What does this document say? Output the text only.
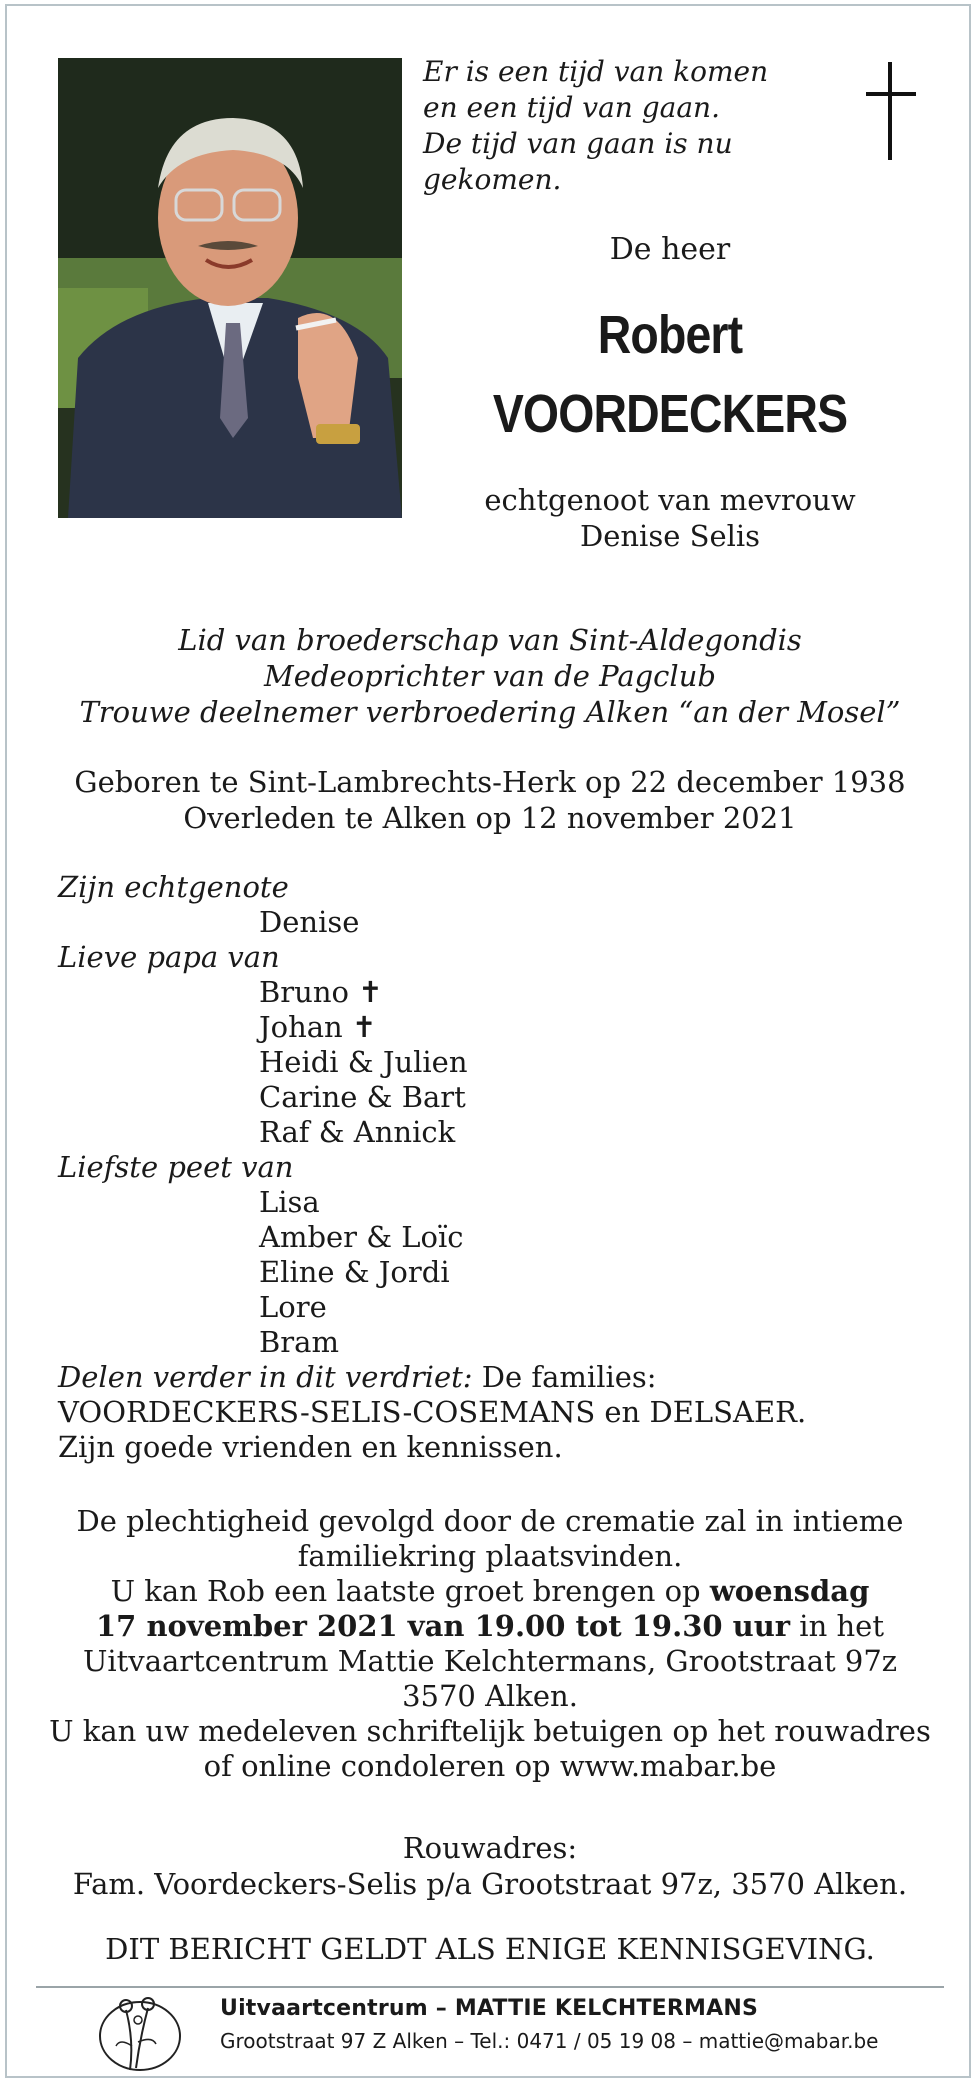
Er is een tijd van komen
en een tijd van gaan.
De tijd van gaan is nu
gekomen.
De heer
Robert
VOORDECKERS
echtgenoot van mevrouw
Denise Selis
Lid van broederschap van Sint-Aldegondis
Medeoprichter van de Pagclub
Trouwe deelnemer verbroedering Alken “an der Mosel”
Geboren te Sint-Lambrechts-Herk op 22 december 1938
Overleden te Alken op 12 november 2021
Zijn echtgenote
Denise
Lieve papa van
Bruno ✝
Johan ✝
Heidi & Julien
Carine & Bart
Raf & Annick
Liefste peet van
Lisa
Amber & Loïc
Eline & Jordi
Lore
Bram
Delen verder in dit verdriet: De families:
VOORDECKERS-SELIS-COSEMANS en DELSAER.
Zijn goede vrienden en kennissen.
De plechtigheid gevolgd door de crematie zal in intieme
familiekring plaatsvinden.
U kan Rob een laatste groet brengen op woensdag
17 november 2021 van 19.00 tot 19.30 uur in het
Uitvaartcentrum Mattie Kelchtermans, Grootstraat 97z
3570 Alken.
U kan uw medeleven schriftelijk betuigen op het rouwadres
of online condoleren op www.mabar.be
Rouwadres:
Fam. Voordeckers-Selis p/a Grootstraat 97z, 3570 Alken.
DIT BERICHT GELDT ALS ENIGE KENNISGEVING.
Uitvaartcentrum – MATTIE KELCHTERMANS
Grootstraat 97 Z Alken – Tel.: 0471 / 05 19 08 – mattie@mabar.be
